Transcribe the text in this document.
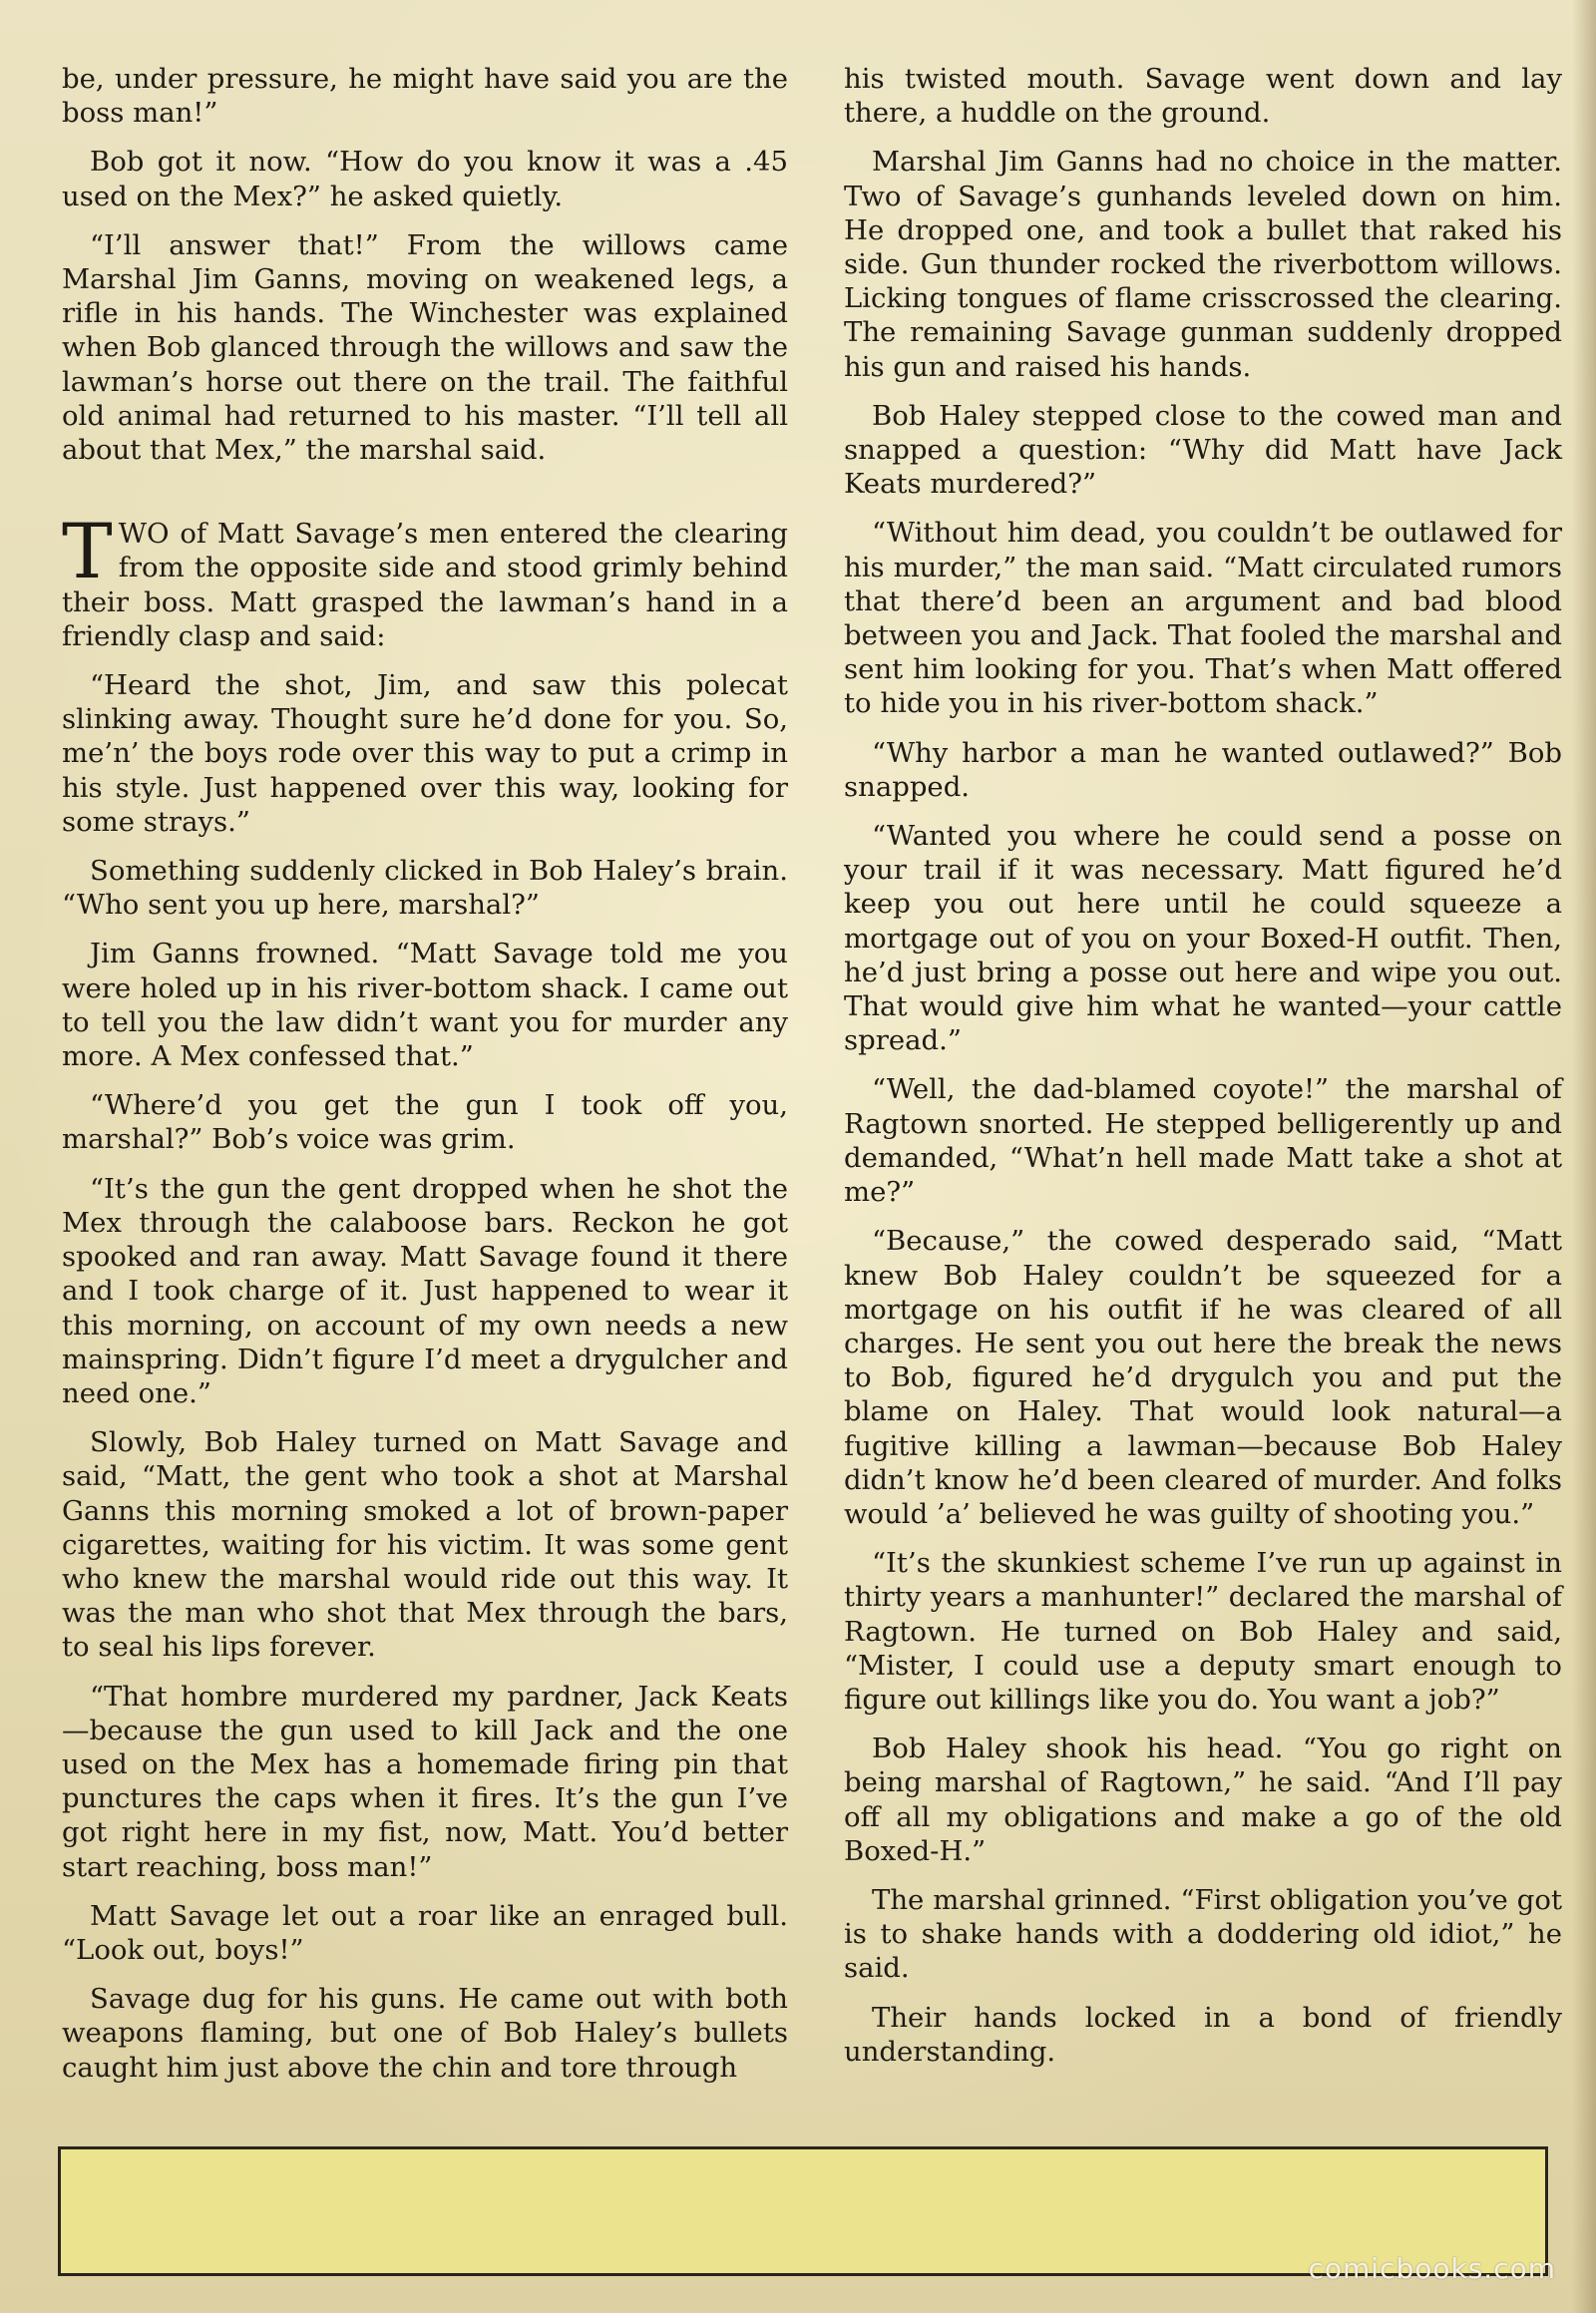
be, under pressure, he might have said you are the boss man!”

Bob got it now. “How do you know it was a .45 used on the Mex?” he asked quietly.

“I’ll answer that!” From the willows came Marshal Jim Ganns, moving on weakened legs, a rifle in his hands. The Winchester was explained when Bob glanced through the willows and saw the lawman’s horse out there on the trail. The faithful old animal had returned to his master. “I’ll tell all about that Mex,” the marshal said.

TWO of Matt Savage’s men entered the clearing from the opposite side and stood grimly behind their boss. Matt grasped the lawman’s hand in a friendly clasp and said:

“Heard the shot, Jim, and saw this polecat slinking away. Thought sure he’d done for you. So, me’n’ the boys rode over this way to put a crimp in his style. Just happened over this way, looking for some strays.”

Something suddenly clicked in Bob Haley’s brain. “Who sent you up here, marshal?”

Jim Ganns frowned. “Matt Savage told me you were holed up in his river-bottom shack. I came out to tell you the law didn’t want you for murder any more. A Mex confessed that.”

“Where’d you get the gun I took off you, marshal?” Bob’s voice was grim.

“It’s the gun the gent dropped when he shot the Mex through the calaboose bars. Reckon he got spooked and ran away. Matt Savage found it there and I took charge of it. Just happened to wear it this morning, on account of my own needs a new mainspring. Didn’t figure I’d meet a drygulcher and need one.”

Slowly, Bob Haley turned on Matt Savage and said, “Matt, the gent who took a shot at Marshal Ganns this morning smoked a lot of brown-paper cigarettes, waiting for his victim. It was some gent who knew the marshal would ride out this way. It was the man who shot that Mex through the bars, to seal his lips forever.

“That hombre murdered my pardner, Jack Keats —because the gun used to kill Jack and the one used on the Mex has a homemade firing pin that punctures the caps when it fires. It’s the gun I’ve got right here in my fist, now, Matt. You’d better start reaching, boss man!”

Matt Savage let out a roar like an enraged bull. “Look out, boys!”

Savage dug for his guns. He came out with both weapons flaming, but one of Bob Haley’s bullets caught him just above the chin and tore through

his twisted mouth. Savage went down and lay there, a huddle on the ground.

Marshal Jim Ganns had no choice in the matter. Two of Savage’s gunhands leveled down on him. He dropped one, and took a bullet that raked his side. Gun thunder rocked the riverbottom willows. Licking tongues of flame crisscrossed the clearing. The remaining Savage gunman suddenly dropped his gun and raised his hands.

Bob Haley stepped close to the cowed man and snapped a question: “Why did Matt have Jack Keats murdered?”

“Without him dead, you couldn’t be outlawed for his murder,” the man said. “Matt circulated rumors that there’d been an argument and bad blood between you and Jack. That fooled the marshal and sent him looking for you. That’s when Matt offered to hide you in his river-bottom shack.”

“Why harbor a man he wanted outlawed?” Bob snapped.

“Wanted you where he could send a posse on your trail if it was necessary. Matt figured he’d keep you out here until he could squeeze a mortgage out of you on your Boxed-H outfit. Then, he’d just bring a posse out here and wipe you out. That would give him what he wanted—your cattle spread.”

“Well, the dad-blamed coyote!” the marshal of Ragtown snorted. He stepped belligerently up and demanded, “What’n hell made Matt take a shot at me?”

“Because,” the cowed desperado said, “Matt knew Bob Haley couldn’t be squeezed for a mortgage on his outfit if he was cleared of all charges. He sent you out here the break the news to Bob, figured he’d drygulch you and put the blame on Haley. That would look natural—a fugitive killing a lawman—because Bob Haley didn’t know he’d been cleared of murder. And folks would ’a’ believed he was guilty of shooting you.”

“It’s the skunkiest scheme I’ve run up against in thirty years a manhunter!” declared the marshal of Ragtown. He turned on Bob Haley and said, “Mister, I could use a deputy smart enough to figure out killings like you do. You want a job?”

Bob Haley shook his head. “You go right on being marshal of Ragtown,” he said. “And I’ll pay off all my obligations and make a go of the old Boxed-H.”

The marshal grinned. “First obligation you’ve got is to shake hands with a doddering old idiot,” he said.

Their hands locked in a bond of friendly understanding.

comicbooks.com
